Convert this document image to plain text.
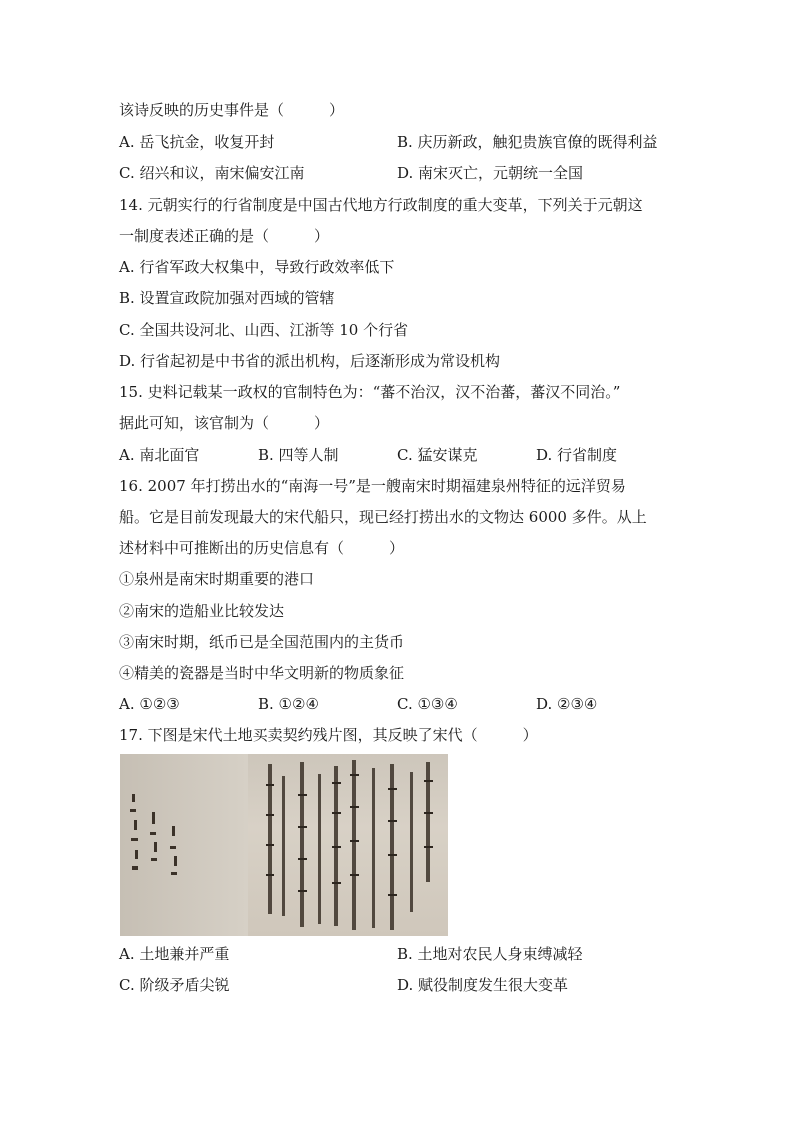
该诗反映的历史事件是（　　　）
A. 岳飞抗金，收复开封	B. 庆历新政，触犯贵族官僚的既得利益
C. 绍兴和议，南宋偏安江南	D. 南宋灭亡，元朝统一全国
14. 元朝实行的行省制度是中国古代地方行政制度的重大变革，下列关于元朝这
一制度表述正确的是（　　　）
A. 行省军政大权集中，导致行政效率低下
B. 设置宣政院加强对西域的管辖
C. 全国共设河北、山西、江浙等 10 个行省
D. 行省起初是中书省的派出机构，后逐渐形成为常设机构
15. 史料记载某一政权的官制特色为：“蕃不治汉，汉不治蕃，蕃汉不同治。”
据此可知，该官制为（　　　）
A. 南北面官	B. 四等人制	C. 猛安谋克	D. 行省制度
16. 2007 年打捞出水的“南海一号”是一艘南宋时期福建泉州特征的远洋贸易
船。它是目前发现最大的宋代船只，现已经打捞出水的文物达 6000 多件。从上
述材料中可推断出的历史信息有（　　　）
①泉州是南宋时期重要的港口
②南宋的造船业比较发达
③南宋时期，纸币已是全国范围内的主货币
④精美的瓷器是当时中华文明新的物质象征
A. ①②③	B. ①②④	C. ①③④	D. ②③④
17. 下图是宋代土地买卖契约残片图，其反映了宋代（　　　）
A. 土地兼并严重	B. 土地对农民人身束缚减轻
C. 阶级矛盾尖锐	D. 赋役制度发生很大变革
